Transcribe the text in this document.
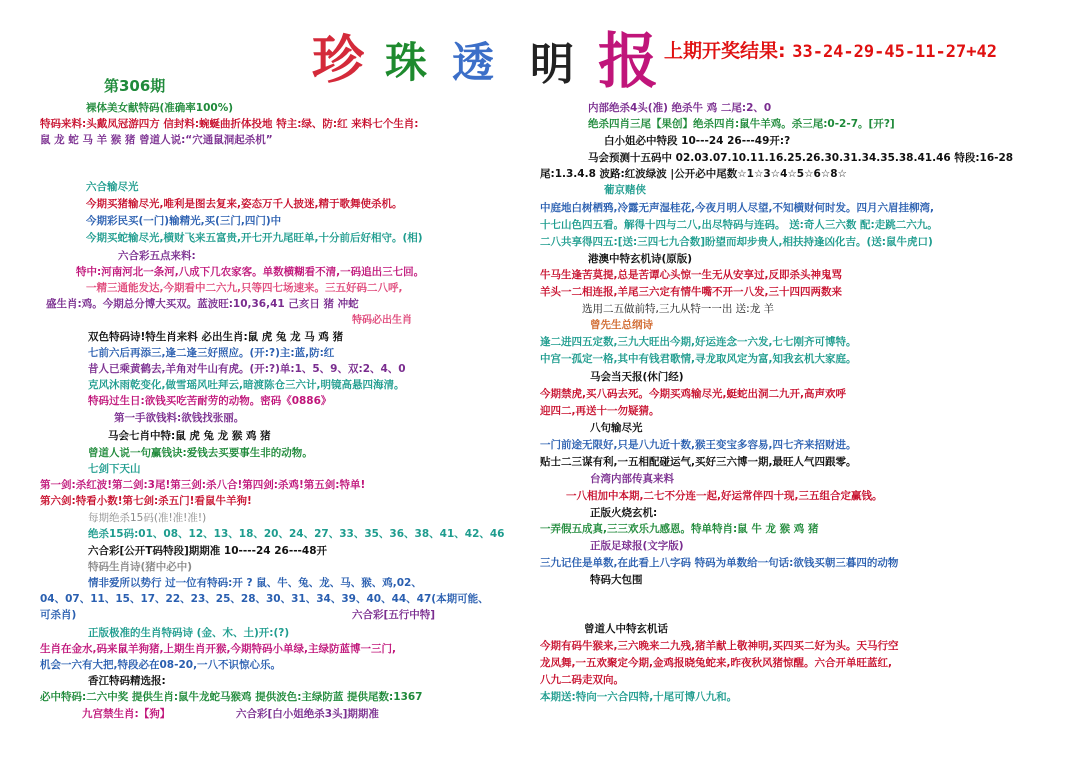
珍 珠 透 明 报 上期开奖结果: 33-24-29-45-11-27+42
第306期
裸体美女献特码(准确率100%)
特码来料:头戴凤冠游四方 信封料:蜿蜒曲折体投地 特主:绿、防:红 来料七个生肖:
鼠 龙 蛇 马 羊 猴 猪 曾道人说:“穴通鼠洞起杀机”
六合输尽光
今期买猪输尽光,唯利是图去复来,姿态万千人披迷,精于歌舞使杀机。
今期彩民买(一门)输精光,买(三门,四门)中
今期买蛇输尽光,横财飞来五富贵,开七开九尾旺单,十分前后好相守。(相)
六合彩五点来料:
特中:河南河北一条河,八成下几农家客。单数横糊看不清,一码追出三七回。
一精三通能发达,今期看中二六九,只等四七场速来。三五好码二八呼,
盛生肖:鸡。今期总分博大买双。蓝波旺:10,36,41 己亥日 猪 冲蛇
特码必出生肖
双色特码诗!特生肖来料 必出生肖:鼠 虎 兔 龙 马 鸡 猪
七前六后再添三,逢二逢三好照应。(开:?)主:蓝,防:红
昔人已乘黄鹤去,羊角对牛山有虎。(开:?)单:1、5、9、双:2、4、0
克风沐雨乾变化,做雪瑶风吐拜云,暗渡陈仓三六计,明镜高悬四海清。
特码过生日:欲钱买吃苦耐劳的动物。密码《0886》
第一手欲钱料:欲钱找张丽。
马会七肖中特:鼠 虎 兔 龙 猴 鸡 猪
曾道人说一句赢钱诀:爱钱去买要事生非的动物。
七剑下天山
第一剑:杀红波!第二剑:3尾!第三剑:杀八合!第四剑:杀鸡!第五剑:特单!
第六剑:特看小数!第七剑:杀五门!看鼠牛羊狗!
每期绝杀15码(准!准!准!)
绝杀15码:01、08、12、13、18、20、24、27、33、35、36、38、41、42、46
六合彩[公开T码特段]期期准 10----24 26---48开
特码生肖诗(猪中必中)
情非爱所以势行 过一位有特码:开 ? 鼠、牛、兔、龙、马、猴、鸡,02、
04、07、11、15、17、22、23、25、28、30、31、34、39、40、44、47(本期可能、
可杀肖)	六合彩[五行中特]
正版极准的生肖特码诗 (金、木、土)开:(?)
生肖在金水,码来鼠羊狗猪,上期生肖开猴,今期特码小单绿,主绿防蓝博一三门,
机会一六有大把,特段必在08-20,一八不识惊心乐。
香江特码精选报:
必中特码:二六中奖 提供生肖:鼠牛龙蛇马猴鸡 提供波色:主绿防蓝 提供尾数:1367
九宫禁生肖:【狗】	六合彩[白小姐绝杀3头]期期准
内部绝杀4头(准) 绝杀牛 鸡 二尾:2、0
绝杀四肖三尾【果创】绝杀四肖:鼠牛羊鸡。杀三尾:0-2-7。[开?]
白小姐必中特段 10---24 26---49开:?
马会预测十五码中 02.03.07.10.11.16.25.26.30.31.34.35.38.41.46 特段:16-28
尾:1.3.4.8 波路:红波绿波 |公开必中尾数☆1☆3☆4☆5☆6☆8☆
葡京赌侠
中庭地白树栖鸦,冷露无声湿桂花,今夜月明人尽望,不知横财何时发。四月六眉挂柳湾,
十七山色四五看。解得十四与二八,出尽特码与连码。 送:奇人三六数 配:走跳二六九。
二八共享得四五:[送:三四七九合数]盼望而却步贵人,相扶持逢凶化吉。(送:鼠牛虎口)
港澳中特玄机诗(原版)
牛马生逢苦莫提,总是苦谭心头惊一生无从安享过,反即杀头神鬼骂
羊头一二相连报,羊尾三六定有情牛嘴不开一八发,三十四四两数来
选用二五做前特,三九从特一一出 送:龙 羊
曾先生总纲诗
逢二进四五定数,三九大旺出今期,好运连念一六发,七七刚齐可博特。
中宫一孤定一格,其中有钱君歌情,寻龙取风定为富,知我玄机大家庭。
马会当天报(休门经)
今期禁虎,买八码去死。今期买鸡输尽光,蜓蛇出洞二九开,高声欢呼
迎四二,再送十一勿疑猜。
八句输尽光
一门前途无限好,只是八九近十数,猴王变宝多容易,四七齐来招财进。
贴士二三谋有利,一五相配碰运气,买好三六博一期,最旺人气四跟零。
台湾内部传真来料
一八相加中本期,二七不分连一起,好运常伴四十现,三五组合定赢钱。
正版火烧玄机:
一弄假五成真,三三欢乐九感恩。特单特肖:鼠 牛 龙 猴 鸡 猪
正版足球报(文字版)
三九记住是单数,在此看上八字码 特码为单数给一句话:欲钱买朝三暮四的动物
特码大包围
曾道人中特玄机话
今期有码牛猴来,三六晚来二九残,猪羊献上敬神明,买四买二好为头。天马行空
龙凤舞,一五欢聚定今期,金鸡报晓兔蛇来,昨夜秋风猪惊醒。六合开单旺蓝红,
八九二码走双向。
本期送:特向一六合四特,十尾可博八九和。
